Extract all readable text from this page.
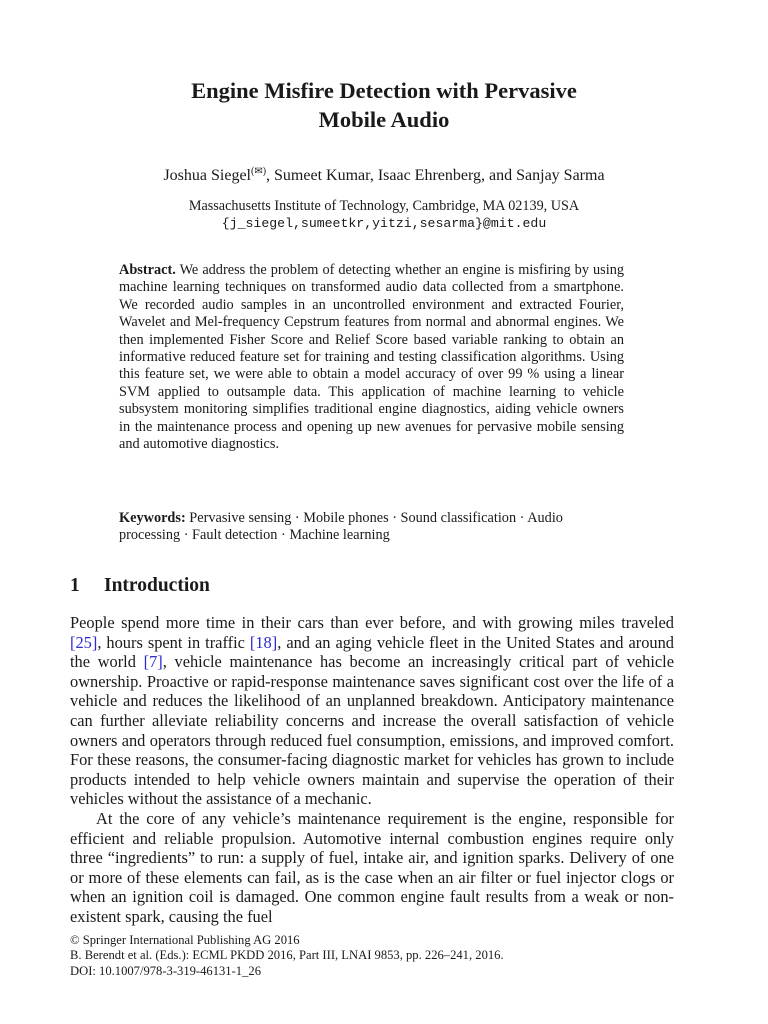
Engine Misfire Detection with Pervasive
Mobile Audio
Joshua Siegel(✉), Sumeet Kumar, Isaac Ehrenberg, and Sanjay Sarma
Massachusetts Institute of Technology, Cambridge, MA 02139, USA
{j_siegel,sumeetkr,yitzi,sesarma}@mit.edu
Abstract. We address the problem of detecting whether an engine is misfiring by using machine learning techniques on transformed audio data collected from a smartphone. We recorded audio samples in an uncontrolled environment and extracted Fourier, Wavelet and Mel-frequency Cepstrum features from normal and abnormal engines. We then implemented Fisher Score and Relief Score based variable ranking to obtain an informative reduced feature set for training and testing classification algorithms. Using this feature set, we were able to obtain a model accuracy of over 99 % using a linear SVM applied to outsample data. This application of machine learning to vehicle subsystem monitoring simplifies traditional engine diagnostics, aiding vehicle owners in the maintenance process and opening up new avenues for pervasive mobile sensing and automotive diagnostics.
Keywords: Pervasive sensing · Mobile phones · Sound classification · Audio processing · Fault detection · Machine learning
1 Introduction

People spend more time in their cars than ever before, and with growing miles traveled [25], hours spent in traffic [18], and an aging vehicle fleet in the United States and around the world [7], vehicle maintenance has become an increasingly critical part of vehicle ownership. Proactive or rapid-response maintenance saves significant cost over the life of a vehicle and reduces the likelihood of an unplanned breakdown. Anticipatory maintenance can further alleviate reliability concerns and increase the overall satisfaction of vehicle owners and operators through reduced fuel consumption, emissions, and improved comfort. For these reasons, the consumer-facing diagnostic market for vehicles has grown to include products intended to help vehicle owners maintain and supervise the operation of their vehicles without the assistance of a mechanic.

At the core of any vehicle’s maintenance requirement is the engine, responsible for efficient and reliable propulsion. Automotive internal combustion engines require only three “ingredients” to run: a supply of fuel, intake air, and ignition sparks. Delivery of one or more of these elements can fail, as is the case when an air filter or fuel injector clogs or when an ignition coil is damaged. One common engine fault results from a weak or non-existent spark, causing the fuel

© Springer International Publishing AG 2016
B. Berendt et al. (Eds.): ECML PKDD 2016, Part III, LNAI 9853, pp. 226–241, 2016.
DOI: 10.1007/978-3-319-46131-1_26
